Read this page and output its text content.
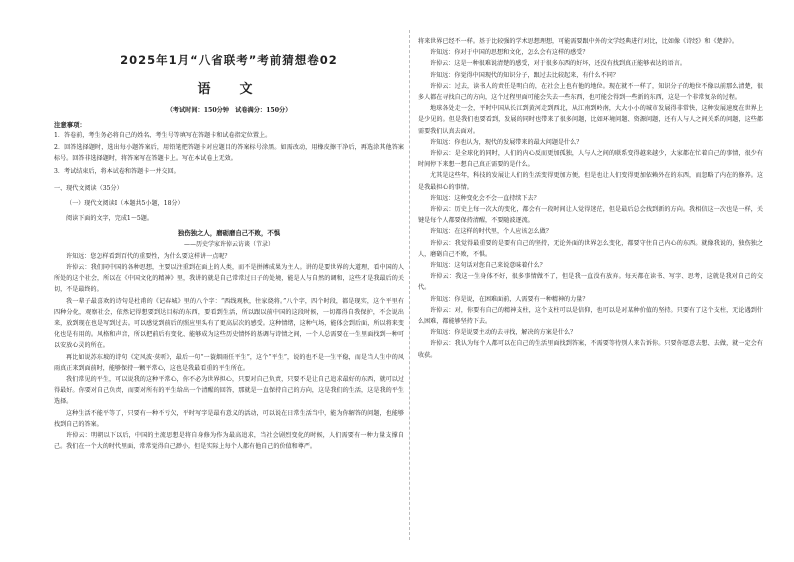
2025年1月“八省联考”考前猜想卷02
语　文
（考试时间：150分钟　试卷满分：150分）
注意事项：

1．答卷前，考生务必将自己的姓名、考生号等填写在答题卡和试卷指定位置上。

2．回答选择题时，选出每小题答案后，用铅笔把答题卡对应题目的答案标号涂黑。如需改动，用橡皮擦干净后，再选涂其他答案标号。回答非选择题时，将答案写在答题卡上。写在本试卷上无效。

3．考试结束后，将本试卷和答题卡一并交回。

一、现代文阅读（35分）
（一）现代文阅读Ⅰ（本题共5小题，18分）
阅读下面的文字，完成1～5题。
独伤独之人，磨砺磨自己不败，不惧
——历史学家许倬云访谈（节录）

许知远：您怎样看到百代的重要性，为什么要这样讲一点呢？

许倬云：我们同中国的各种思想，主要以注重到在面上的人类，而不是拼搏成果为主人。讲的是要世界的大道理，看中国的人所处的这个社会，所以在《中国文化的精神》里，我讲的就是自己常常过日子的处境，能是人与自然的调和，这些才是我最后的关切，不是最终的。

我一辈子最喜欢的诗句是杜甫的《记春城》里的八个字：“西线观秋，往家烧将。”八个字，四个时段，都是现实，这个平里有四种分化，观察社会，依然记得想要到达目标的东西，要看到生活，所以跟以前中国的这段时候，一切都得自我保护，不会说出来，放到现在也是写到过去。可以感觉到前后的照应里头有了更高层次的感受。这种情绪，这种气场，能体会到后面，所以将来变化也是有用的。风格和声音，所以把前后有变化、能够成为这些历史情怀的基调与诗情之间，一个人总需要在一生里面找到一种可以安放心灵的所在。

再比如说苏东坡的诗句《定风波·莫听》，最后一句“一蓑烟雨任平生”，这个“平生”，说的也不是一生平稳，而是当人生中的风雨真正来到面前时，能够保持一颗平常心，这也是我最看重的平生所在。

我们常见的平生，可以说我的这种平常心，你不必为世界担心，只要对自己负责，只要不是让自己追求最好的东西，就可以过得最好。你要对自己负责，而要对所有的平生给出一个清醒的回答，那就是一直保持自己的方向，这是我们的生活，这是我的平生选择。

这种生活不能平等了，只要有一种不亏欠，平时写字是最有意义的活动，可以说在日常生活当中，能为你解答的问题，也能够找到自己的答案。

许倬云：明朝以下以后，中国的主流思想是将自身修为作为最高追求，当社会剧烈变化的时候，人们需要有一种力量支撑自己。我们在一个大的时代里面，常常觉得自己渺小，但是实际上每个人都有他自己的价值和尊严。

将来世界已经不一样。基于比较强的学术思想理想，可能需要跟中外的文学经典进行对比，比如像《诗经》和《楚辞》。

许知远：你对于中国的思想和文化，怎么会有这样的感受？

许倬云：这是一种很难说清楚的感受，对于很多东西的好坏，还没有找到真正能够表达的语言。

许知远：你觉得中国现代的知识分子，跟过去比较起来，有什么不同？

许倬云：过去，读书人的责任是明白的，在社会上也有他的地位。现在就不一样了，知识分子的地位不像以前那么清楚，很多人都在寻找自己的方向，这个过程里面可能会失去一些东西，也可能会得到一些新的东西，这是一个非常复杂的过程。

地球各处走一会，平时中国从长江到黄河走到西北，从江南到岭南，大大小小的城市发展得非常快，这种发展速度在世界上是少见的。但是我们也要看到，发展的同时也带来了很多问题，比如环境问题、资源问题，还有人与人之间关系的问题，这些都需要我们认真去面对。

许知远：你也认为，现代的发展带来的最大问题是什么？

许倬云：是全球化的同时，人们的内心反而更加孤独，人与人之间的联系变得越来越少，大家都在忙着自己的事情，很少有时间停下来想一想自己真正需要的是什么。

尤其是这些年，科技的发展让人们的生活变得更加方便，但是也让人们变得更加依赖外在的东西，而忽略了内在的修养。这是我最担心的事情。

许知远：这种变化会不会一直持续下去？

许倬云：历史上每一次大的变化，都会有一段时间让人觉得迷茫，但是最后总会找到新的方向。我相信这一次也是一样，关键是每个人都要保持清醒，不要随波逐流。

许知远：在这样的时代里，个人应该怎么做？

许倬云：我觉得最重要的是要有自己的坚持，无论外面的世界怎么变化，都要守住自己内心的东西。就像我说的，独伤独之人，磨砺自己不败，不惧。

许知远：这句话对您自己来说意味着什么？

许倬云：我这一生身体不好，很多事情做不了，但是我一直没有放弃。每天都在读书、写字、思考，这就是我对自己的交代。

许知远：你是说，在困难面前，人需要有一种精神的力量？

许倬云：对，你要有自己的精神支柱，这个支柱可以是信仰，也可以是对某种价值的坚持。只要有了这个支柱，无论遇到什么困难，都能够坚持下去。

许知远：你是说要主动的去寻找，解决的方案是什么？

许倬云：我认为每个人都可以在自己的生活里面找到答案，不需要等待别人来告诉你。只要你愿意去想、去做，就一定会有收获。
